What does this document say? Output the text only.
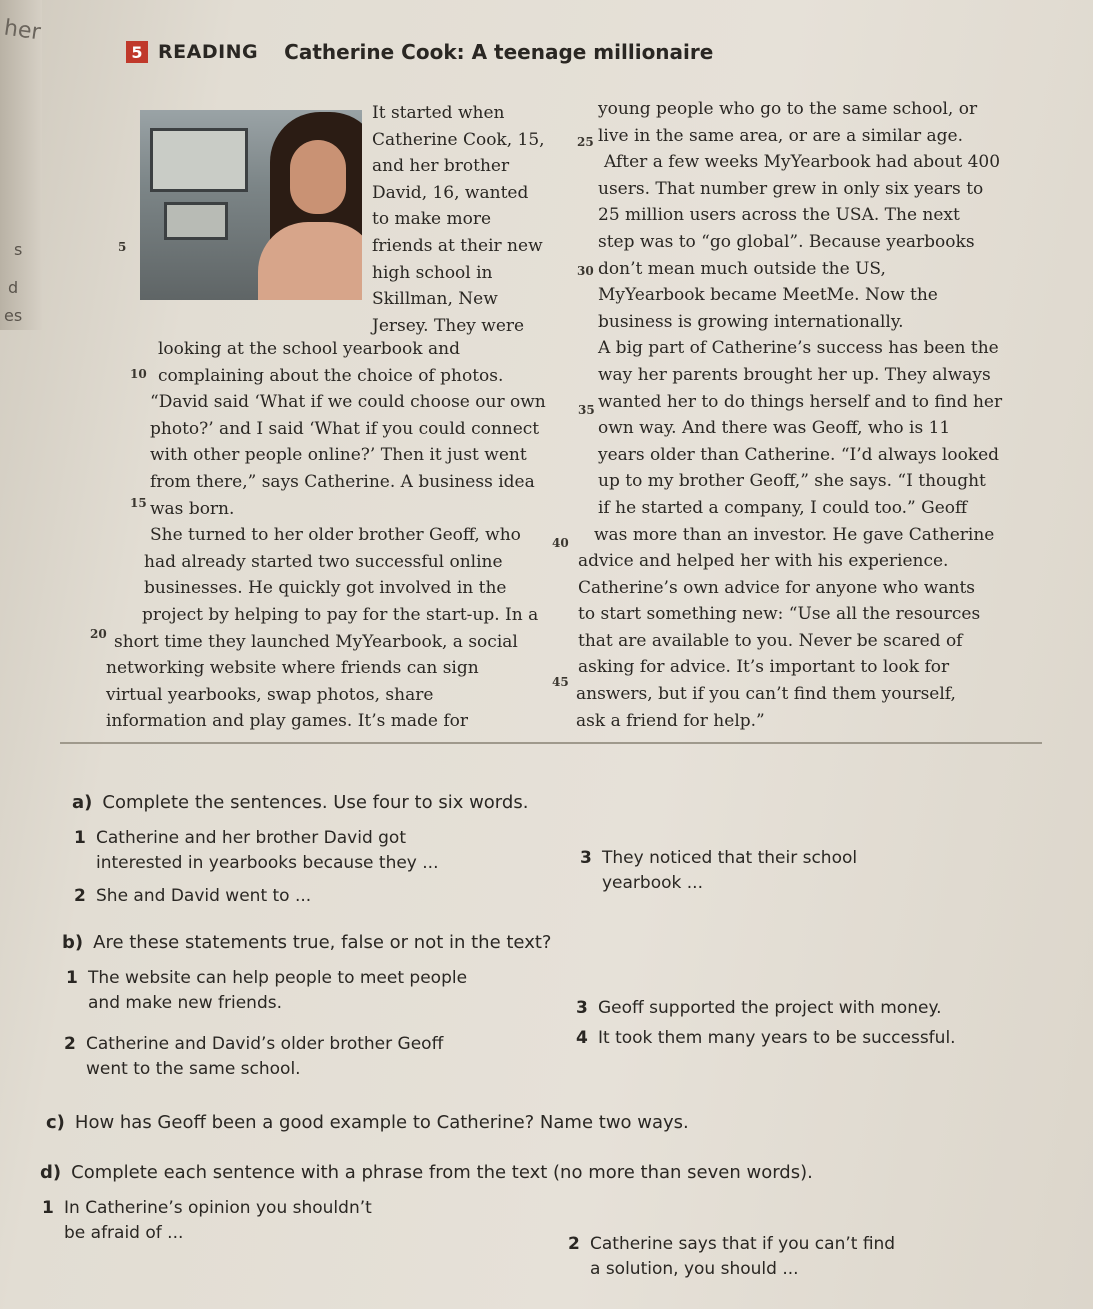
her
s
d
es
5 READING Catherine Cook: A teenage millionaire
5
10
15
20
25
30
35
40
45
It started when
Catherine Cook, 15,
and her brother
David, 16, wanted
to make more
friends at their new
high school in
Skillman, New
Jersey. They were
looking at the school yearbook and
complaining about the choice of photos.
“David said ‘What if we could choose our own
photo?’ and I said ‘What if you could connect
with other people online?’ Then it just went
from there,” says Catherine. A business idea
was born.
She turned to her older brother Geoff, who
had already started two successful online
businesses. He quickly got involved in the
project by helping to pay for the start-up. In a
short time they launched MyYearbook, a social
networking website where friends can sign
virtual yearbooks, swap photos, share
information and play games. It’s made for
young people who go to the same school, or
live in the same area, or are a similar age.
After a few weeks MyYearbook had about 400
users. That number grew in only six years to
25 million users across the USA. The next
step was to “go global”. Because yearbooks
don’t mean much outside the US,
MyYearbook became MeetMe. Now the
business is growing internationally.
A big part of Catherine’s success has been the
way her parents brought her up. They always
wanted her to do things herself and to find her
own way. And there was Geoff, who is 11
years older than Catherine. “I’d always looked
up to my brother Geoff,” she says. “I thought
if he started a company, I could too.” Geoff
was more than an investor. He gave Catherine
advice and helped her with his experience.
Catherine’s own advice for anyone who wants
to start something new: “Use all the resources
that are available to you. Never be scared of
asking for advice. It’s important to look for
answers, but if you can’t find them yourself,
ask a friend for help.”
a) Complete the sentences. Use four to six words.
1 Catherine and her brother David got
interested in yearbooks because they ...
2 She and David went to ...
3 They noticed that their school
yearbook ...
b) Are these statements true, false or not in the text?
1 The website can help people to meet people
and make new friends.
2 Catherine and David’s older brother Geoff
went to the same school.
3 Geoff supported the project with money.
4 It took them many years to be successful.
c) How has Geoff been a good example to Catherine? Name two ways.
d) Complete each sentence with a phrase from the text (no more than seven words).
1 In Catherine’s opinion you shouldn’t
be afraid of ...
2 Catherine says that if you can’t find
a solution, you should ...
